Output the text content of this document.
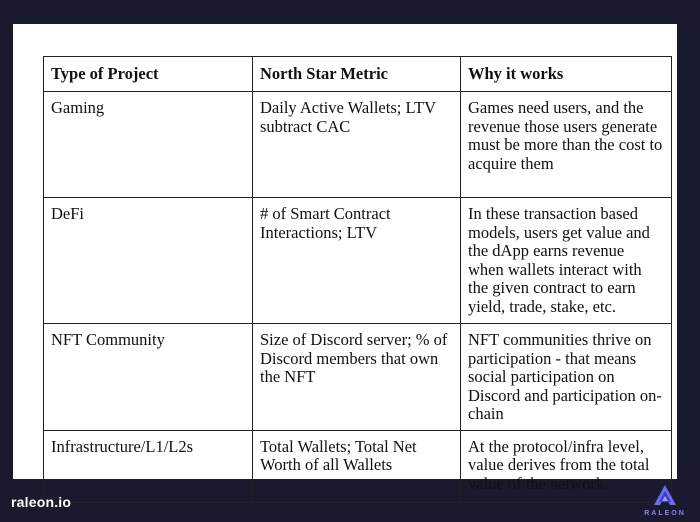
Type of Project	North Star Metric	Why it works
Gaming	Daily Active Wallets; LTV subtract CAC	Games need users, and the revenue those users generate must be more than the cost to acquire them
DeFi	# of Smart Contract Interactions; LTV	In these transaction based models, users get value and the dApp earns revenue when wallets interact with the given contract to earn yield, trade, stake, etc.
NFT Community	Size of Discord server; % of Discord members that own the NFT	NFT communities thrive on participation - that means social participation on Discord and participation on-chain
Infrastructure/L1/L2s	Total Wallets; Total Net Worth of all Wallets	At the protocol/infra level, value derives from the total value of the network.
raleon.io
RALEON
